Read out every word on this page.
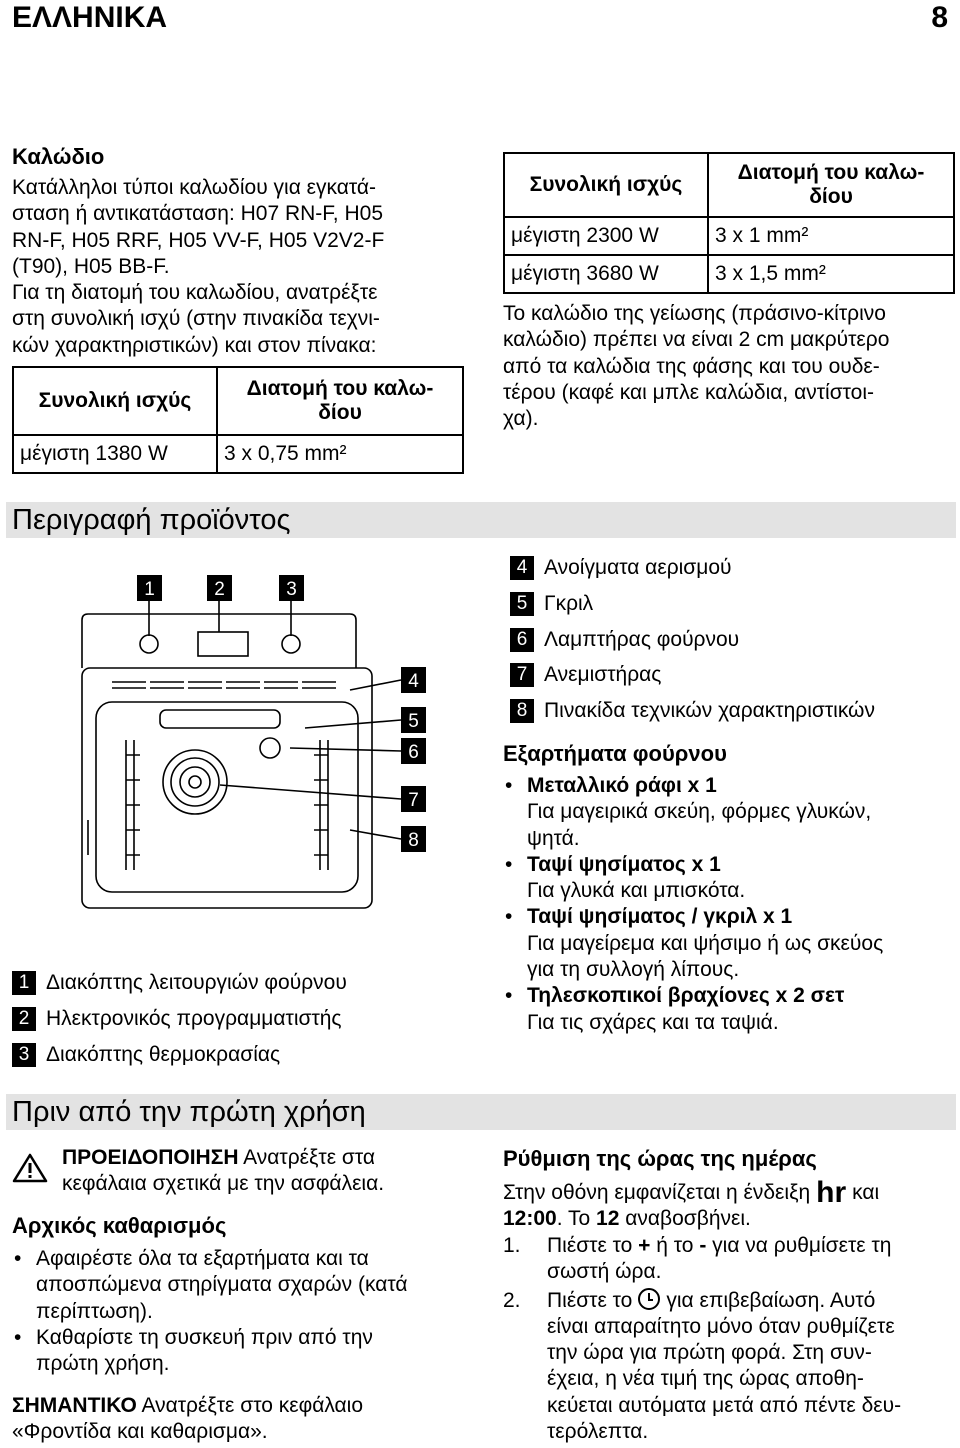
ΕΛΛΗΝΙΚΑ	8
Καλώδιο
Κατάλληλοι τύποι καλωδίου για εγκατά-
σταση ή αντικατάσταση: H07 RN-F, H05
RN-F, H05 RRF, H05 VV-F, H05 V2V2-F
(T90), H05 BB-F.
Για τη διατομή του καλωδίου, ανατρέξτε
στη συνολική ισχύ (στην πινακίδα τεχνι-
κών χαρακτηριστικών) και στον πίνακα:
Συνολική ισχύς	Διατομή του καλω-
δίου

μέγιστη 1380 W	3 x 0,75 mm²
Συνολική ισχύς	Διατομή του καλω-
δίου

μέγιστη 2300 W	3 x 1 mm²
μέγιστη 3680 W	3 x 1,5 mm²
Το καλώδιο της γείωσης (πράσινο-κίτρινο
καλώδιο) πρέπει να είναι 2 cm μακρύτερο
από τα καλώδια της φάσης και του ουδε-
τέρου (καφέ και μπλε καλώδια, αντίστοι-
χα).
Περιγραφή προϊόντος
1	2	3
4
5
6
7
8
1 Διακόπτης λειτουργιών φούρνου
2 Ηλεκτρονικός προγραμματιστής
3 Διακόπτης θερμοκρασίας
4 Ανοίγματα αερισμού
5 Γκριλ
6 Λαμπτήρας φούρνου
7 Ανεμιστήρας
8 Πινακίδα τεχνικών χαρακτηριστικών
Εξαρτήματα φούρνου
• Μεταλλικό ράφι x 1
Για μαγειρικά σκεύη, φόρμες γλυκών,
ψητά.
• Ταψί ψησίματος x 1
Για γλυκά και μπισκότα.
• Ταψί ψησίματος / γκριλ x 1
Για μαγείρεμα και ψήσιμο ή ως σκεύος
για τη συλλογή λίπους.
• Τηλεσκοπικοί βραχίονες x 2 σετ
Για τις σχάρες και τα ταψιά.
Πριν από την πρώτη χρήση
ΠΡΟΕΙΔΟΠΟΙΗΣΗ Ανατρέξτε στα
κεφάλαια σχετικά με την ασφάλεια.
Αρχικός καθαρισμός
• Αφαιρέστε όλα τα εξαρτήματα και τα
αποσπώμενα στηρίγματα σχαρών (κατά
περίπτωση).
• Καθαρίστε τη συσκευή πριν από την
πρώτη χρήση.
ΣΗΜΑΝΤΙΚΟ Ανατρέξτε στο κεφάλαιο
«Φροντίδα και καθαρισμα».
Ρύθμιση της ώρας της ημέρας
Στην οθόνη εμφανίζεται η ένδειξη hr και
12:00. Το 12 αναβοσβήνει.
1. Πιέστε το + ή το - για να ρυθμίσετε τη
σωστή ώρα.
2. Πιέστε το για επιβεβαίωση. Αυτό
είναι απαραίτητο μόνο όταν ρυθμίζετε
την ώρα για πρώτη φορά. Στη συν-
έχεια, η νέα τιμή της ώρας αποθη-
κεύεται αυτόματα μετά από πέντε δευ-
τερόλεπτα.
